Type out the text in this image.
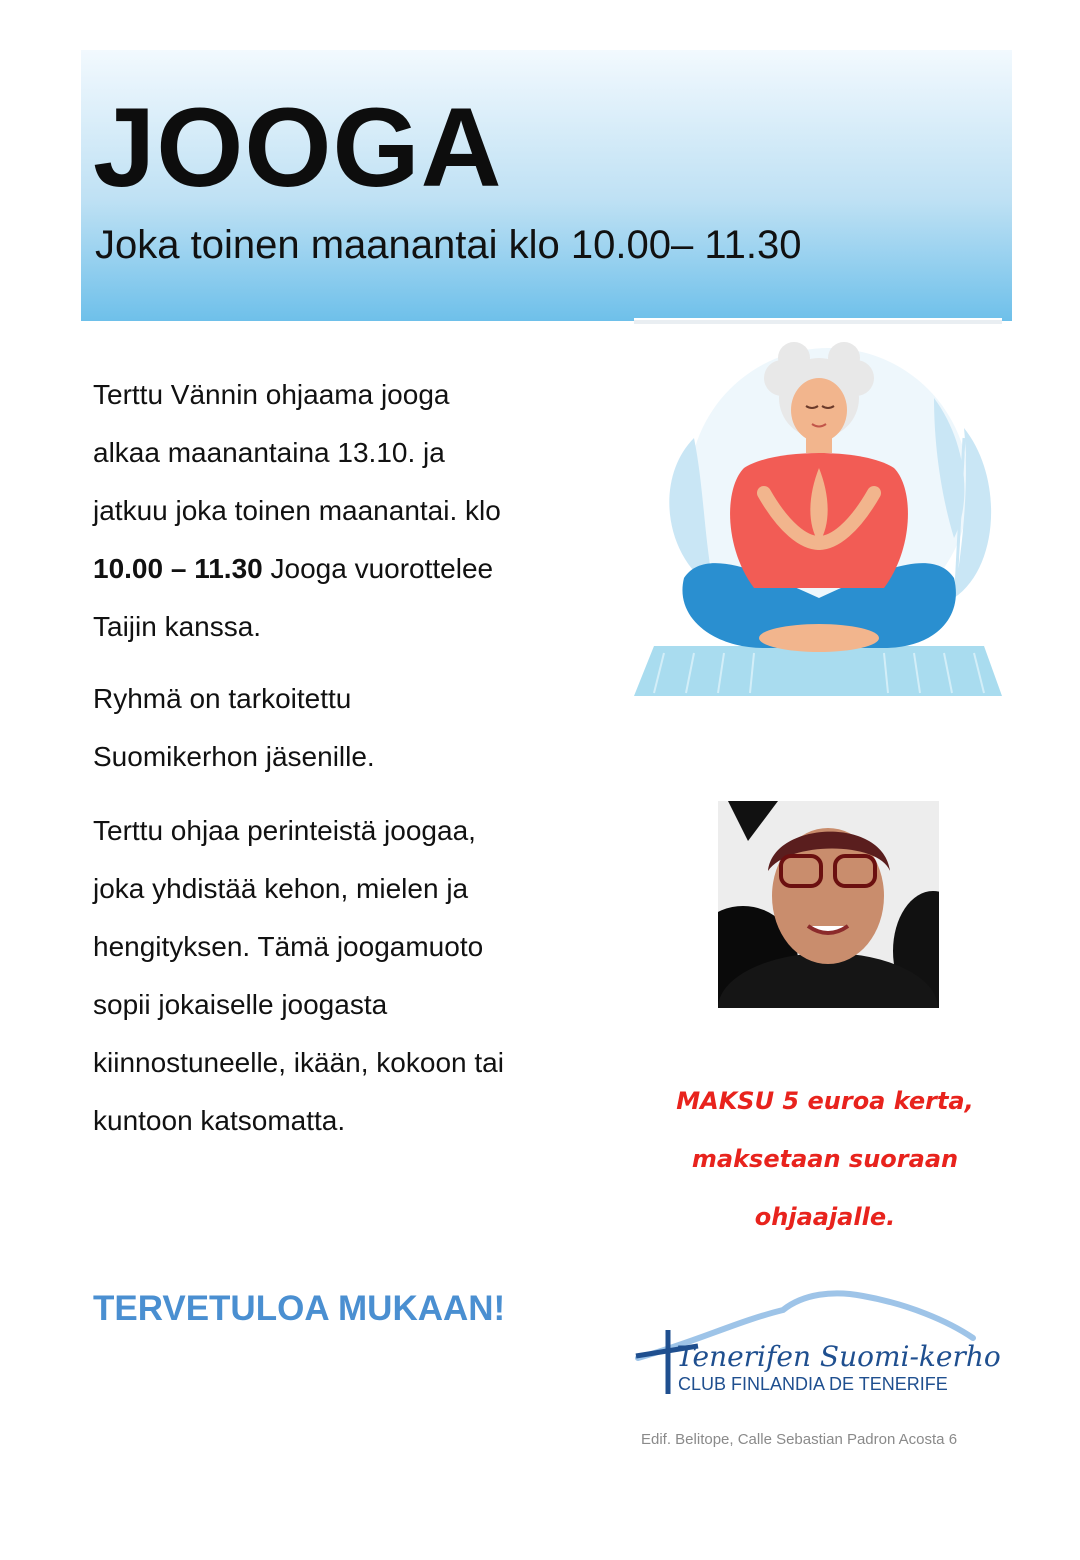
JOOGA
Joka toinen maanantai klo 10.00– 11.30
Terttu Vännin ohjaama jooga
alkaa maanantaina 13.10. ja
jatkuu joka toinen maanantai. klo
10.00 – 11.30 Jooga vuorottelee
Taijin kanssa.
Ryhmä on tarkoitettu
Suomikerhon jäsenille.
Terttu ohjaa perinteistä joogaa,
joka yhdistää kehon, mielen ja
hengityksen. Tämä joogamuoto
sopii jokaiselle joogasta
kiinnostuneelle, ikään, kokoon tai
kuntoon katsomatta.
MAKSU 5 euroa kerta,
maksetaan suoraan
ohjaajalle.
TERVETULOA MUKAAN!
Tenerifen Suomi-kerho
CLUB FINLANDIA DE TENERIFE
Edif. Belitope, Calle Sebastian Padron Acosta 6
